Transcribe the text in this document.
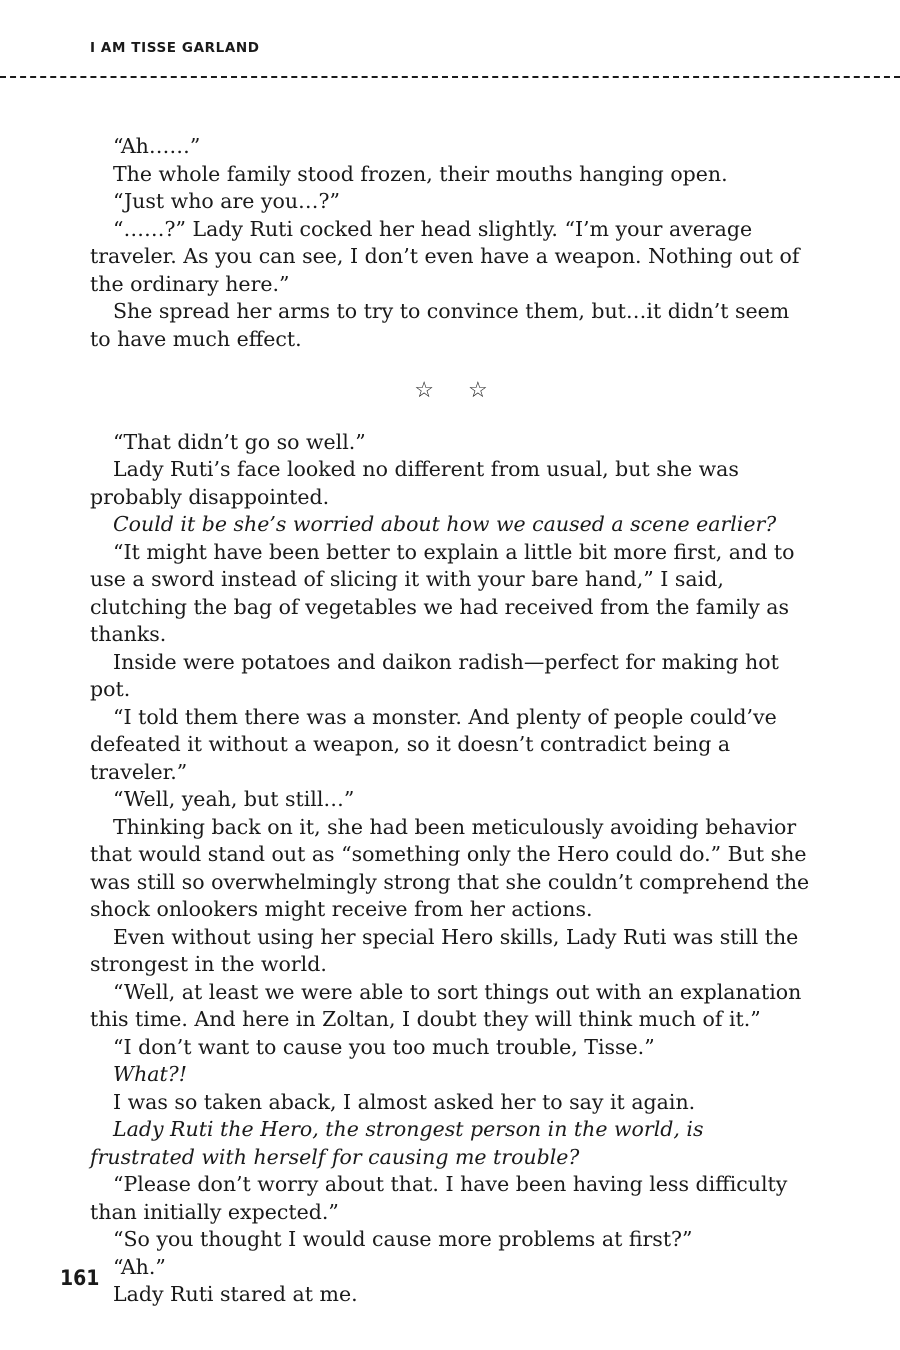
I AM TISSE GARLAND

“Ah……”

The whole family stood frozen, their mouths hanging open.

“Just who are you…?”

“……?” Lady Ruti cocked her head slightly. “I’m your average traveler. As you can see, I don’t even have a weapon. Nothing out of the ordinary here.”

She spread her arms to try to convince them, but…it didn’t seem to have much effect.

☆ ☆

“That didn’t go so well.”

Lady Ruti’s face looked no different from usual, but she was probably disappointed.

Could it be she’s worried about how we caused a scene earlier?

“It might have been better to explain a little bit more first, and to use a sword instead of slicing it with your bare hand,” I said, clutching the bag of vegetables we had received from the family as thanks.

Inside were potatoes and daikon radish—perfect for making hot pot.

“I told them there was a monster. And plenty of people could’ve defeated it without a weapon, so it doesn’t contradict being a traveler.”

“Well, yeah, but still…”

Thinking back on it, she had been meticulously avoiding behavior that would stand out as “something only the Hero could do.” But she was still so overwhelmingly strong that she couldn’t comprehend the shock onlookers might receive from her actions.

Even without using her special Hero skills, Lady Ruti was still the strongest in the world.

“Well, at least we were able to sort things out with an explanation this time. And here in Zoltan, I doubt they will think much of it.”

“I don’t want to cause you too much trouble, Tisse.”

What?!

I was so taken aback, I almost asked her to say it again.

Lady Ruti the Hero, the strongest person in the world, is frustrated with herself for causing me trouble?

“Please don’t worry about that. I have been having less difficulty than initially expected.”

“So you thought I would cause more problems at first?”

“Ah.”

Lady Ruti stared at me.

161
